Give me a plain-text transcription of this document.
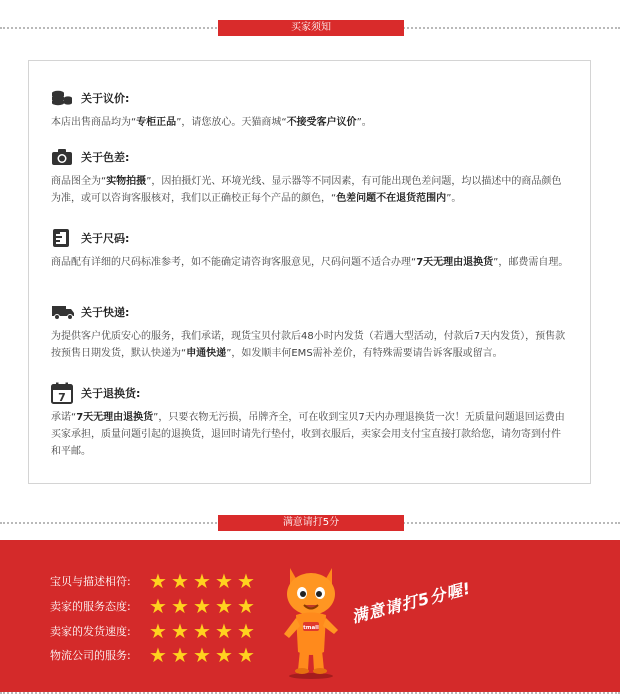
买家须知
关于议价:
本店出售商品均为“专柜正品”，请您放心。天猫商城“不接受客户议价”。
关于色差:
商品图全为“实物拍摄”，因拍摄灯光、环境光线、显示器等不同因素，有可能出现色差问题，均以描述中的商品颜色为准，或可以咨询客服核对，我们以正确校正每个产品的颜色，“色差问题不在退货范围内”。
关于尺码:
商品配有详细的尺码标准参考，如不能确定请咨询客服意见，尺码问题不适合办理“7天无理由退换货”，邮费需自理。
关于快递:
为提供客户优质安心的服务，我们承诺，现货宝贝付款后48小时内发货（若遇大型活动，付款后7天内发货），预售款按预售日期发货，默认快递为“申通快递”，如发顺丰何EMS需补差价，有特殊需要请告诉客服或留言。
7 关于退换货:
承诺“7天无理由退换货”，只要衣物无污损，吊牌齐全，可在收到宝贝7天内办理退换货一次！无质量问题退回运费由买家承担，质量问题引起的退换货，退回时请先行垫付，收到衣服后，卖家会用支付宝直接打款给您，请勿寄到付件和平邮。
满意请打5分
宝贝与描述相符: ★ ★ ★ ★ ★
卖家的服务态度: ★ ★ ★ ★ ★
卖家的发货速度: ★ ★ ★ ★ ★
物流公司的服务: ★ ★ ★ ★ ★
tmall
满意请打5分喔!
